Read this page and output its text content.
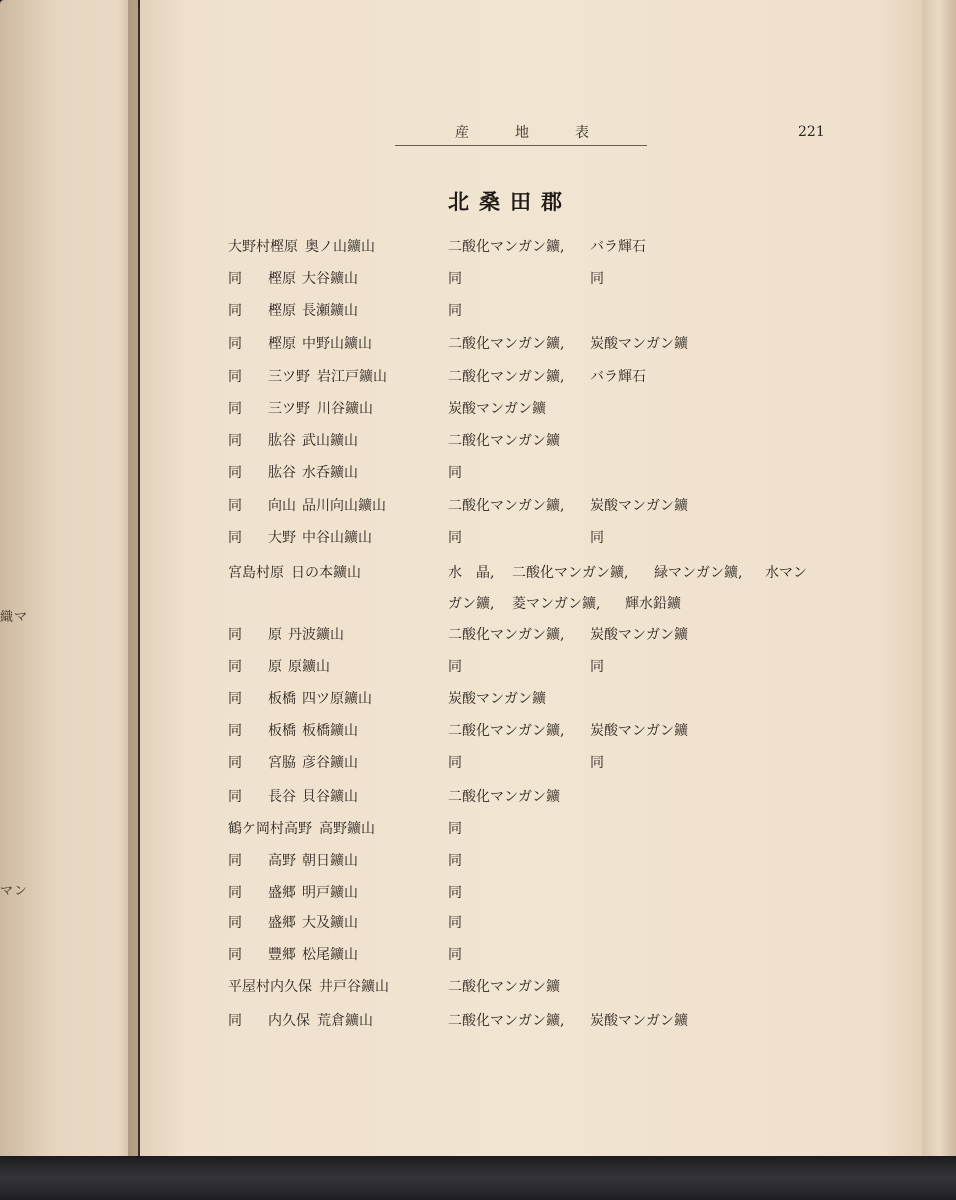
織マ
マン
産	地	表	221
北桑田郡
大野村樫原 奥ノ山鑛山	二酸化マンガン鑛, バラ輝石
同 樫原 大谷鑛山	同	同
同 樫原 長瀬鑛山	同
同 樫原 中野山鑛山	二酸化マンガン鑛, 炭酸マンガン鑛
同 三ツ野 岩江戸鑛山	二酸化マンガン鑛, バラ輝石
同 三ツ野 川谷鑛山	炭酸マンガン鑛
同 肱谷 武山鑛山	二酸化マンガン鑛
同 肱谷 水呑鑛山	同
同 向山 品川向山鑛山	二酸化マンガン鑛, 炭酸マンガン鑛
同 大野 中谷山鑛山	同	同
宮島村原 日の本鑛山	水　晶, 二酸化マンガン鑛, 緑マンガン鑛, 水マン
ガン鑛, 菱マンガン鑛, 輝水鉛鑛
同 原 丹波鑛山	二酸化マンガン鑛, 炭酸マンガン鑛
同 原 原鑛山	同	同
同 板橋 四ツ原鑛山	炭酸マンガン鑛
同 板橋 板橋鑛山	二酸化マンガン鑛, 炭酸マンガン鑛
同 宮脇 彦谷鑛山	同	同
同 長谷 貝谷鑛山	二酸化マンガン鑛
鶴ケ岡村高野 高野鑛山	同
同 高野 朝日鑛山	同
同 盛郷 明戸鑛山	同
同 盛郷 大及鑛山	同
同 豐郷 松尾鑛山	同
平屋村内久保 井戸谷鑛山	二酸化マンガン鑛
同 内久保 荒倉鑛山	二酸化マンガン鑛, 炭酸マンガン鑛
